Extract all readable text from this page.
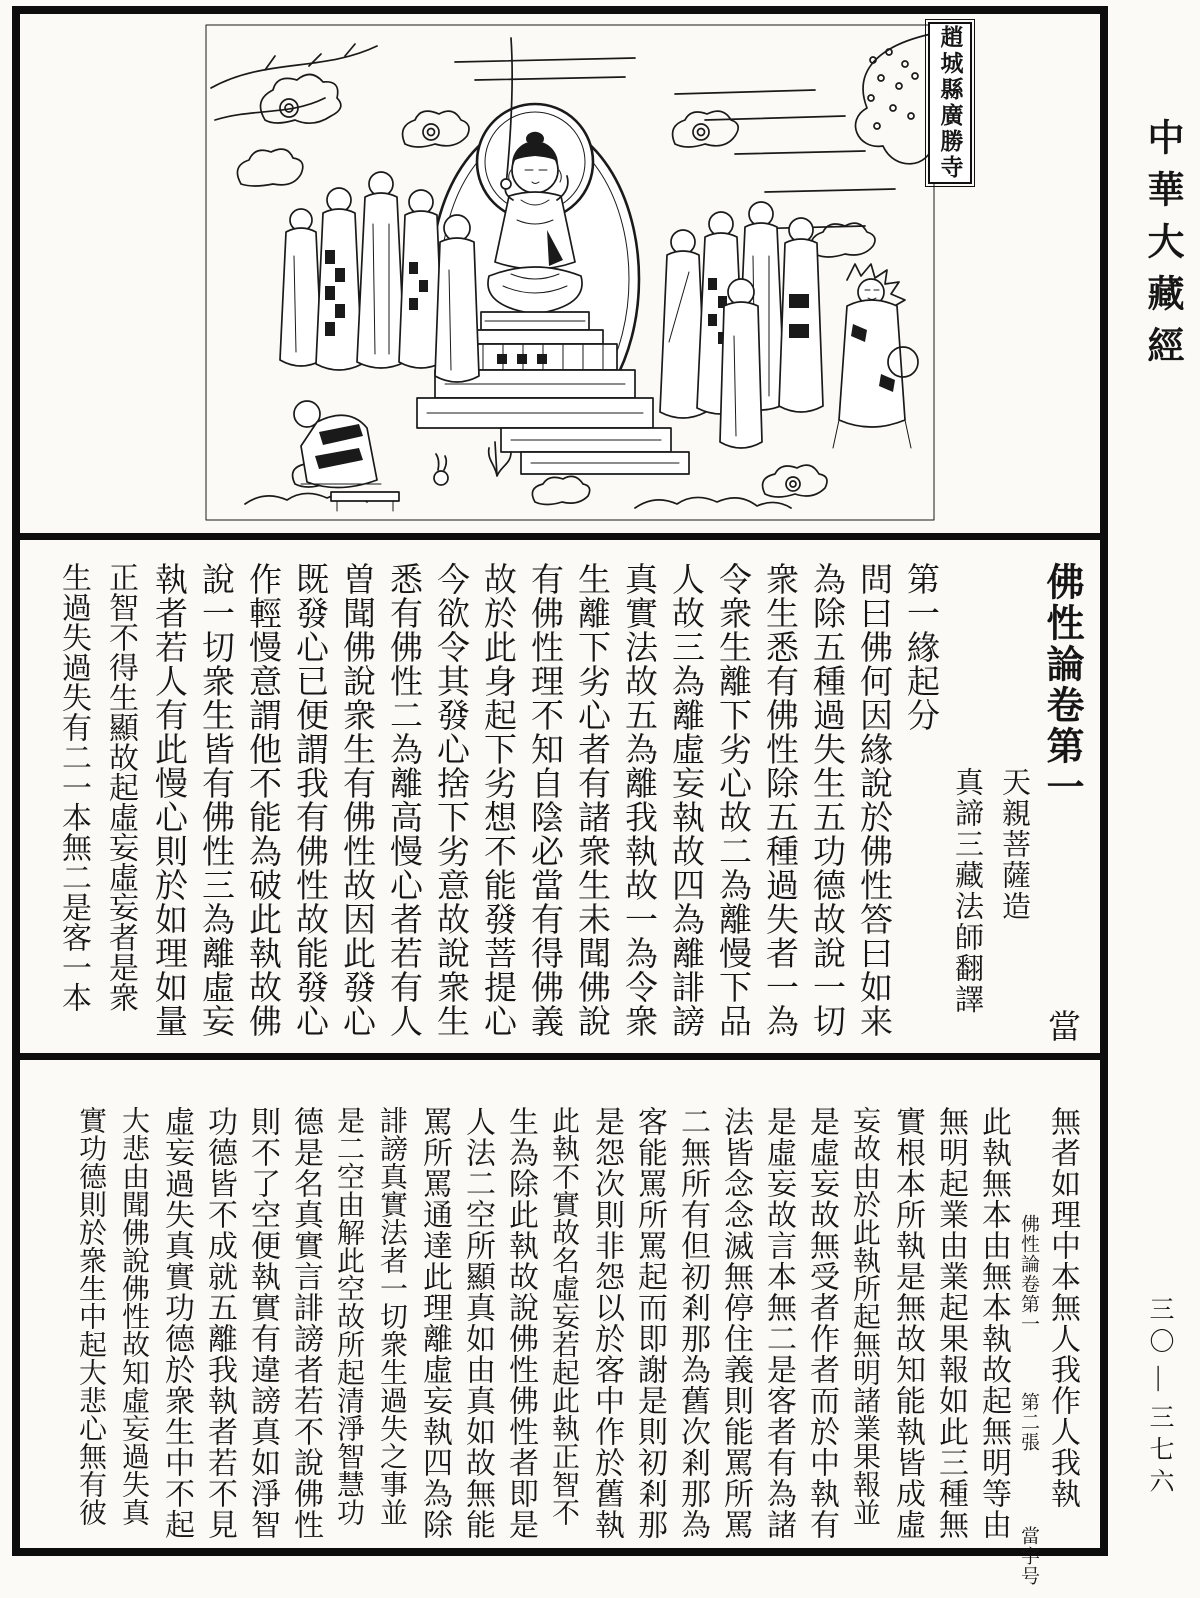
趙城縣廣勝寺
佛性論卷第一
當
天親菩薩造
真諦三藏法師翻譯
第一緣起分
問曰佛何因緣說於佛性答曰如来
為除五種過失生五功德故說一切
衆生悉有佛性除五種過失者一為
令衆生離下劣心故二為離慢下品
人故三為離虛妄執故四為離誹謗
真實法故五為離我執故一為令衆
生離下劣心者有諸衆生未聞佛說
有佛性理不知自陰必當有得佛義
故於此身起下劣想不能發菩提心
今欲令其發心捨下劣意故說衆生
悉有佛性二為離高慢心者若有人
曽聞佛說衆生有佛性故因此發心
既發心已便謂我有佛性故能發心
作輕慢意謂他不能為破此執故佛
說一切衆生皆有佛性三為離虛妄
執者若人有此慢心則於如理如量
正智不得生顯故起虛妄虛妄者是衆
生過失過失有二一本無二是客一本
無者如理中本無人我作人我執
佛性論卷第一 第二張 當字号
此執無本由無本執故起無明等由
無明起業由業起果報如此三種無
實根本所執是無故知能執皆成虛
妄故由於此執所起無明諸業果報並
是虛妄故無受者作者而於中執有
是虛妄故言本無二是客者有為諸
法皆念念滅無停住義則能罵所罵
二無所有但初剎那為舊次剎那為
客能罵所罵起而即謝是則初剎那
是怨次則非怨以於客中作於舊執
此執不實故名虛妄若起此執正智不
生為除此執故說佛性佛性者即是
人法二空所顯真如由真如故無能
罵所罵通達此理離虛妄執四為除
誹謗真實法者一切衆生過失之事並
是二空由解此空故所起清淨智慧功
德是名真實言誹謗者若不說佛性
則不了空便執實有違謗真如淨智
功德皆不成就五離我執者若不見
虛妄過失真實功德於衆生中不起
大悲由聞佛說佛性故知虛妄過失真
實功德則於衆生中起大悲心無有彼
中華大藏經
三〇—三七六
